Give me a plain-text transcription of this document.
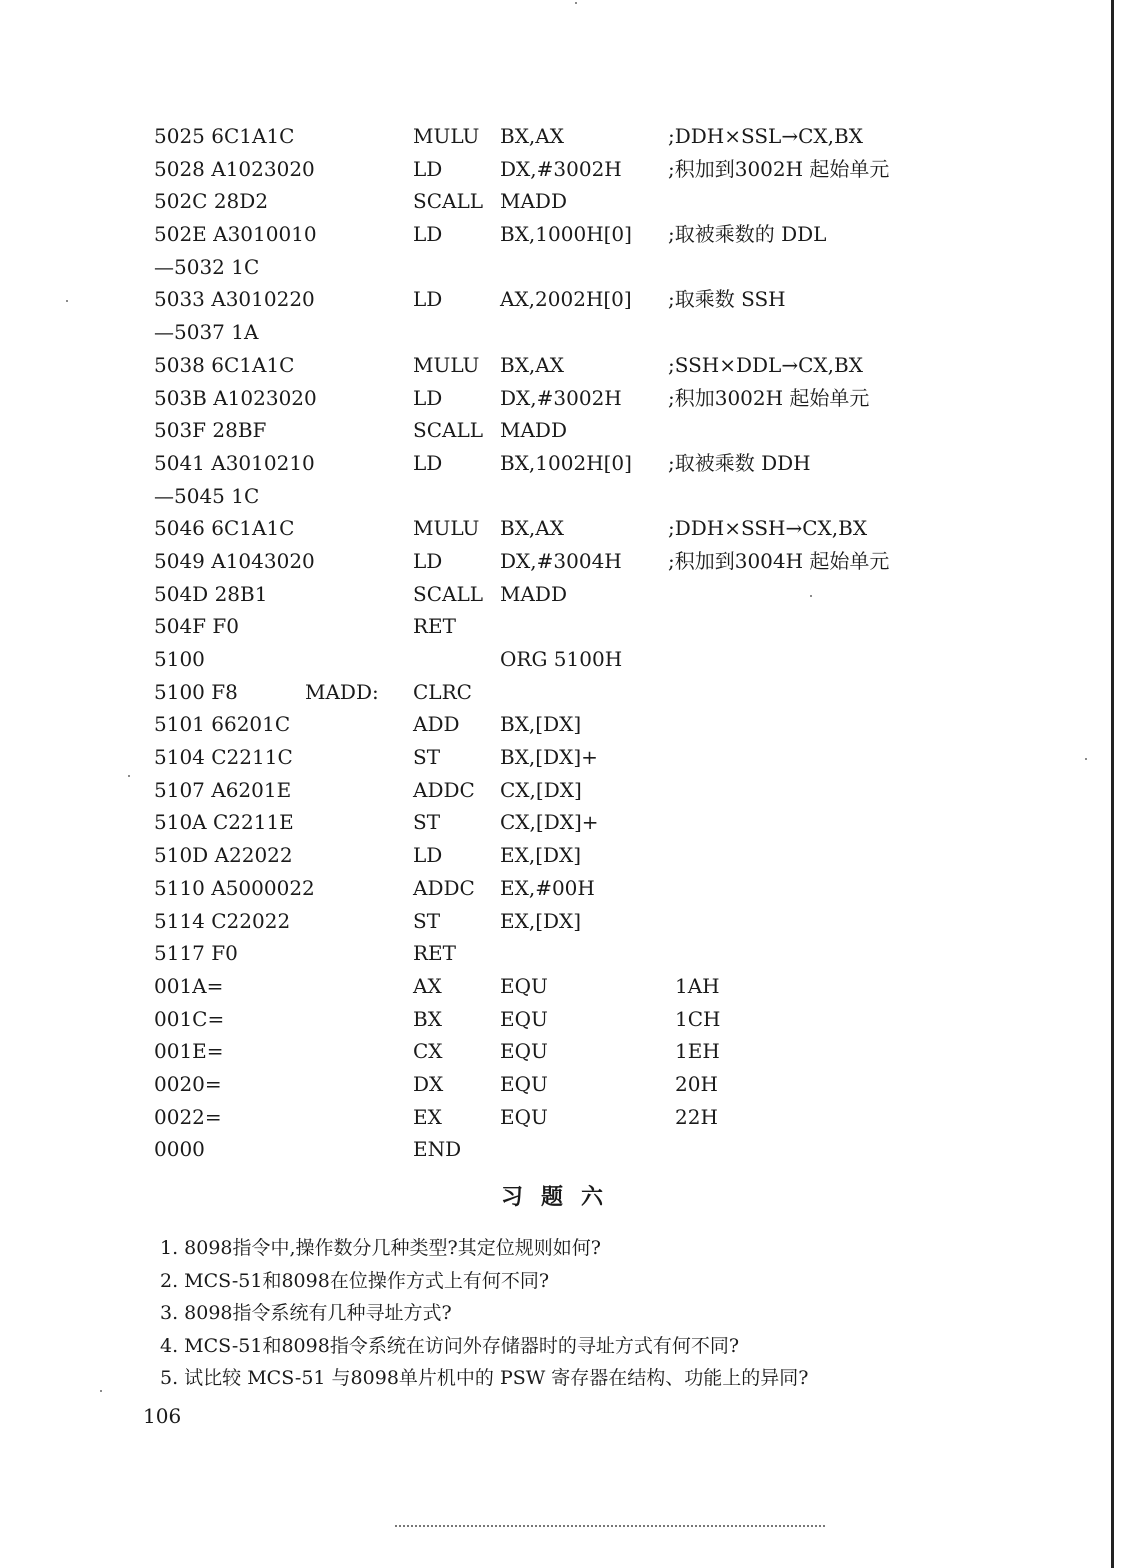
5025 6C1A1C	MULU BX,AX	;DDH×SSL→CX,BX
5028 A1023020	LD	DX,#3002H ;积加到3002H 起始单元
502C 28D2	SCALL MADD
502E A3010010	LD	BX,1000H[0] ;取被乘数的 DDL
—5032 1C
5033 A3010220	LD	AX,2002H[0] ;取乘数 SSH
—5037 1A
5038 6C1A1C	MULU BX,AX	;SSH×DDL→CX,BX
503B A1023020	LD	DX,#3002H ;积加3002H 起始单元
503F 28BF	SCALL MADD
5041 A3010210	LD	BX,1002H[0] ;取被乘数 DDH
—5045 1C
5046 6C1A1C	MULU BX,AX	;DDH×SSH→CX,BX
5049 A1043020	LD	DX,#3004H ;积加到3004H 起始单元
504D 28B1	SCALL MADD
504F F0	RET
5100	ORG 5100H
5100 F8	MADD: CLRC
5101 66201C	ADD BX,[DX]
5104 C2211C	ST	BX,[DX]+
5107 A6201E	ADDC CX,[DX]
510A C2211E	ST	CX,[DX]+
510D A22022	LD	EX,[DX]
5110 A5000022	ADDC EX,#00H
5114 C22022	ST	EX,[DX]
5117 F0	RET
001A=	AX	EQU	1AH
001C=	BX	EQU	1CH
001E=	CX	EQU	1EH
0020=	DX	EQU	20H
0022=	EX	EQU	22H
0000	END
习题六
1. 8098指令中,操作数分几种类型?其定位规则如何?
2. MCS-51和8098在位操作方式上有何不同?
3. 8098指令系统有几种寻址方式?
4. MCS-51和8098指令系统在访问外存储器时的寻址方式有何不同?
5. 试比较 MCS-51 与8098单片机中的 PSW 寄存器在结构、功能上的异同?
106
